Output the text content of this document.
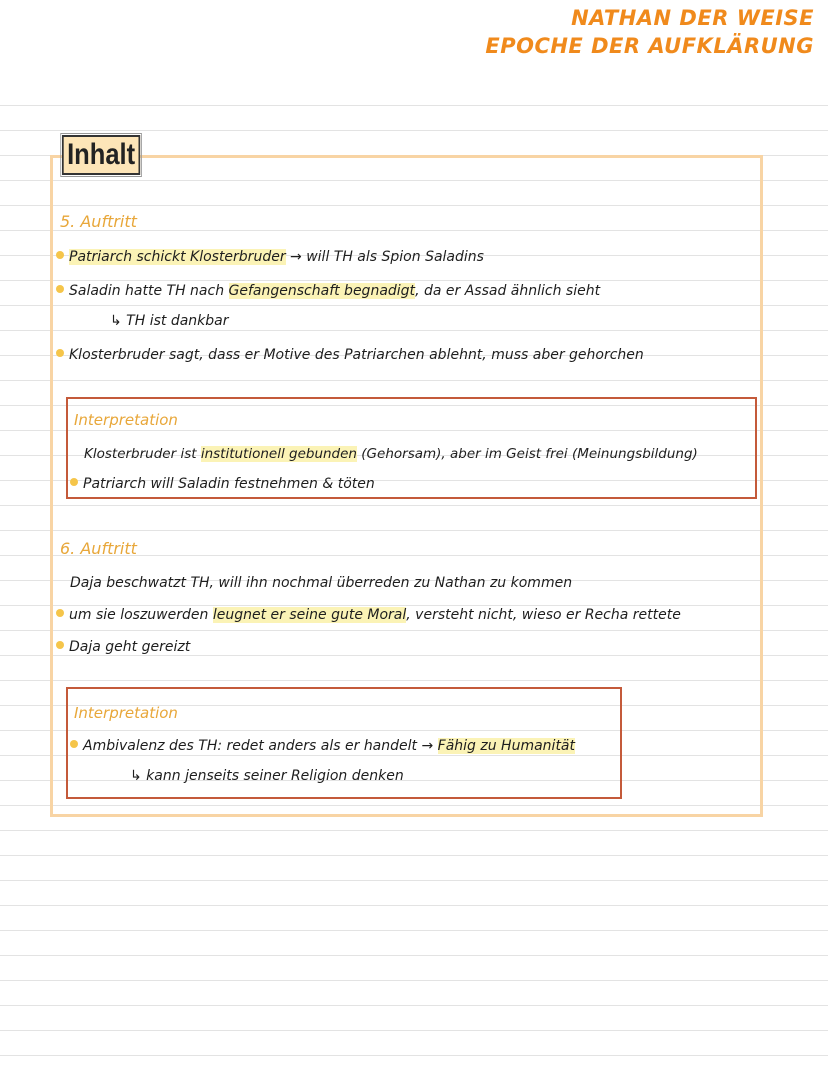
NATHAN DER WEISE
EPOCHE DER AUFKLÄRUNG
Inhalt
5. Auftritt
Patriarch schickt Klosterbruder → will TH als Spion Saladins
Saladin hatte TH nach Gefangenschaft begnadigt, da er Assad ähnlich sieht
↳ TH ist dankbar
Klosterbruder sagt, dass er Motive des Patriarchen ablehnt, muss aber gehorchen
Interpretation
Klosterbruder ist institutionell gebunden (Gehorsam), aber im Geist frei (Meinungsbildung)
Patriarch will Saladin festnehmen & töten
6. Auftritt
Daja beschwatzt TH, will ihn nochmal überreden zu Nathan zu kommen
um sie loszuwerden leugnet er seine gute Moral, versteht nicht, wieso er Recha rettete
Daja geht gereizt
Interpretation
Ambivalenz des TH: redet anders als er handelt → Fähig zu Humanität
↳ kann jenseits seiner Religion denken
